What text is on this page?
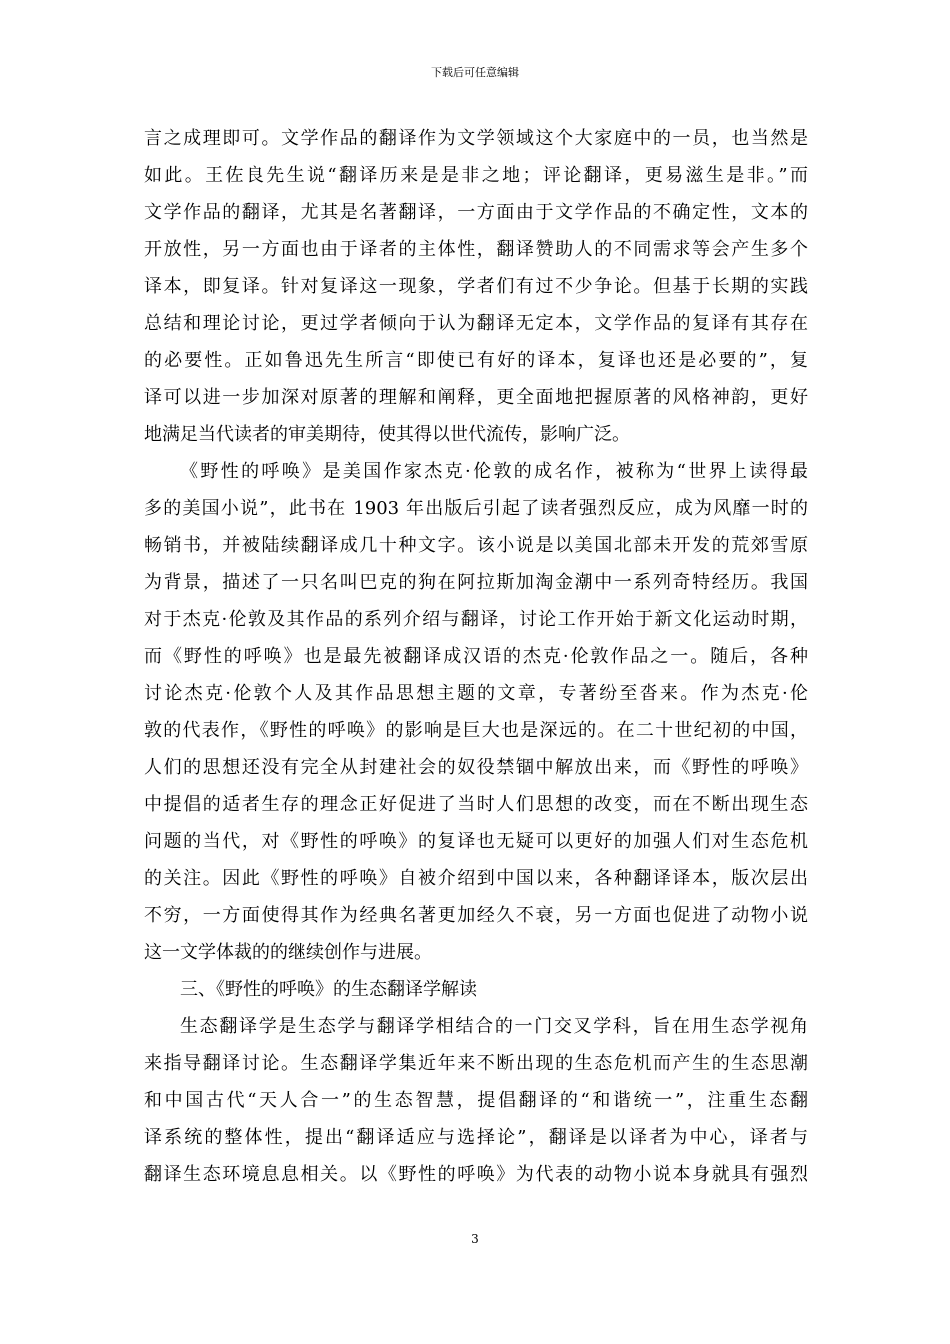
下载后可任意编辑
言之成理即可。文学作品的翻译作为文学领域这个大家庭中的一员，也当然是
如此。王佐良先生说“翻译历来是是非之地；评论翻译，更易滋生是非。”而
文学作品的翻译，尤其是名著翻译，一方面由于文学作品的不确定性，文本的
开放性，另一方面也由于译者的主体性，翻译赞助人的不同需求等会产生多个
译本，即复译。针对复译这一现象，学者们有过不少争论。但基于长期的实践
总结和理论讨论，更过学者倾向于认为翻译无定本，文学作品的复译有其存在
的必要性。正如鲁迅先生所言“即使已有好的译本，复译也还是必要的”，复
译可以进一步加深对原著的理解和阐释，更全面地把握原著的风格神韵，更好
地满足当代读者的审美期待，使其得以世代流传，影响广泛。
《野性的呼唤》是美国作家杰克·伦敦的成名作，被称为“世界上读得最
多的美国小说”，此书在 1903 年出版后引起了读者强烈反应，成为风靡一时的
畅销书，并被陆续翻译成几十种文字。该小说是以美国北部未开发的荒郊雪原
为背景，描述了一只名叫巴克的狗在阿拉斯加淘金潮中一系列奇特经历。我国
对于杰克·伦敦及其作品的系列介绍与翻译，讨论工作开始于新文化运动时期，
而《野性的呼唤》也是最先被翻译成汉语的杰克·伦敦作品之一。随后，各种
讨论杰克·伦敦个人及其作品思想主题的文章，专著纷至沓来。作为杰克·伦
敦的代表作，《野性的呼唤》的影响是巨大也是深远的。在二十世纪初的中国，
人们的思想还没有完全从封建社会的奴役禁锢中解放出来，而《野性的呼唤》
中提倡的适者生存的理念正好促进了当时人们思想的改变，而在不断出现生态
问题的当代，对《野性的呼唤》的复译也无疑可以更好的加强人们对生态危机
的关注。因此《野性的呼唤》自被介绍到中国以来，各种翻译译本，版次层出
不穷，一方面使得其作为经典名著更加经久不衰，另一方面也促进了动物小说
这一文学体裁的的继续创作与进展。
三、《野性的呼唤》的生态翻译学解读
生态翻译学是生态学与翻译学相结合的一门交叉学科，旨在用生态学视角
来指导翻译讨论。生态翻译学集近年来不断出现的生态危机而产生的生态思潮
和中国古代“天人合一”的生态智慧，提倡翻译的“和谐统一”，注重生态翻
译系统的整体性，提出“翻译适应与选择论”，翻译是以译者为中心，译者与
翻译生态环境息息相关。以《野性的呼唤》为代表的动物小说本身就具有强烈
3
